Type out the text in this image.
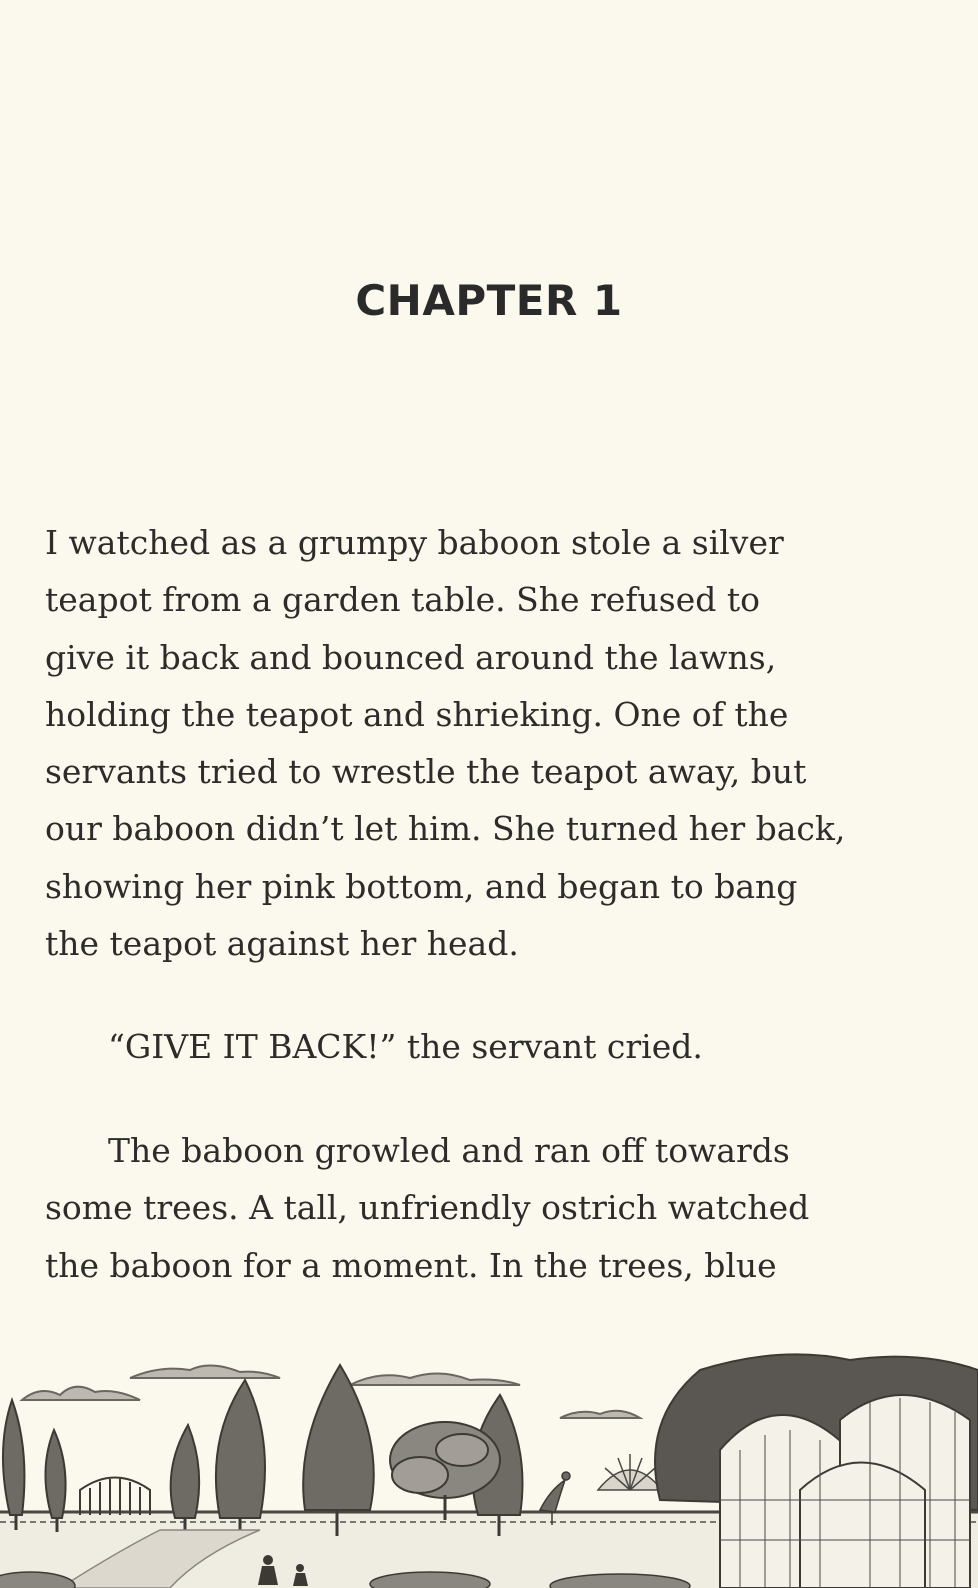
CHAPTER 1
I watched as a grumpy baboon stole a silver
teapot from a garden table. She refused to
give it back and bounced around the lawns,
holding the teapot and shrieking. One of the
servants tried to wrestle the teapot away, but
our baboon didn’t let him. She turned her back,
showing her pink bottom, and began to bang
the teapot against her head.
“GIVE IT BACK!” the servant cried.
The baboon growled and ran off towards
some trees. A tall, unfriendly ostrich watched
the baboon for a moment. In the trees, blue
